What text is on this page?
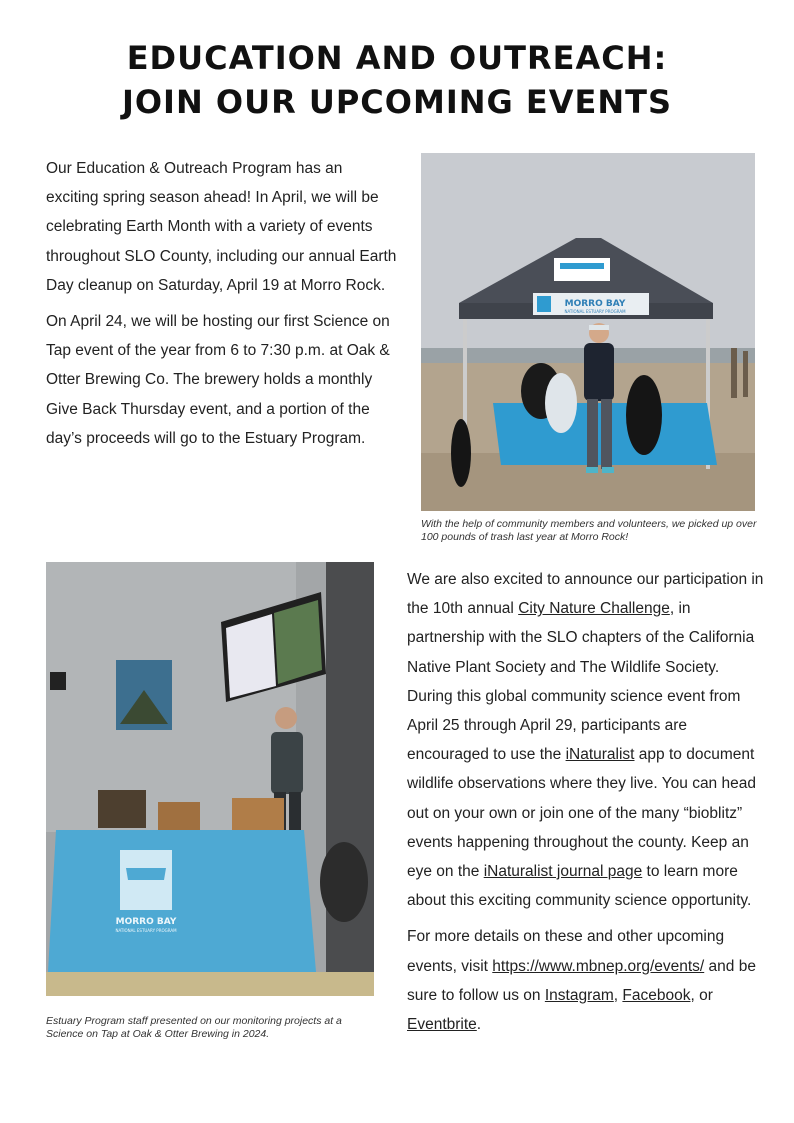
EDUCATION AND OUTREACH:
JOIN OUR UPCOMING EVENTS

Our Education & Outreach Program has an exciting spring season ahead! In April, we will be celebrating Earth Month with a variety of events throughout SLO County, including our annual Earth Day cleanup on Saturday, April 19 at Morro Rock.

On April 24, we will be hosting our first Science on Tap event of the year from 6 to 7:30 p.m. at Oak & Otter Brewing Co. The brewery holds a monthly Give Back Thursday event, and a portion of the day’s proceeds will go to the Estuary Program.

MORRO BAY
NATIONAL ESTUARY PROGRAM
With the help of community members and volunteers, we picked up over 100 pounds of trash last year at Morro Rock!
MORRO BAY
NATIONAL ESTUARY PROGRAM
Estuary Program staff presented on our monitoring projects at a Science on Tap at Oak & Otter Brewing in 2024.

We are also excited to announce our participation in the 10th annual City Nature Challenge, in partnership with the SLO chapters of the California Native Plant Society and The Wildlife Society. During this global community science event from April 25 through April 29, participants are encouraged to use the iNaturalist app to document wildlife observations where they live. You can head out on your own or join one of the many “bioblitz” events happening throughout the county. Keep an eye on the iNaturalist journal page to learn more about this exciting community science opportunity.

For more details on these and other upcoming events, visit https://www.mbnep.org/events/ and be sure to follow us on Instagram, Facebook, or Eventbrite.
